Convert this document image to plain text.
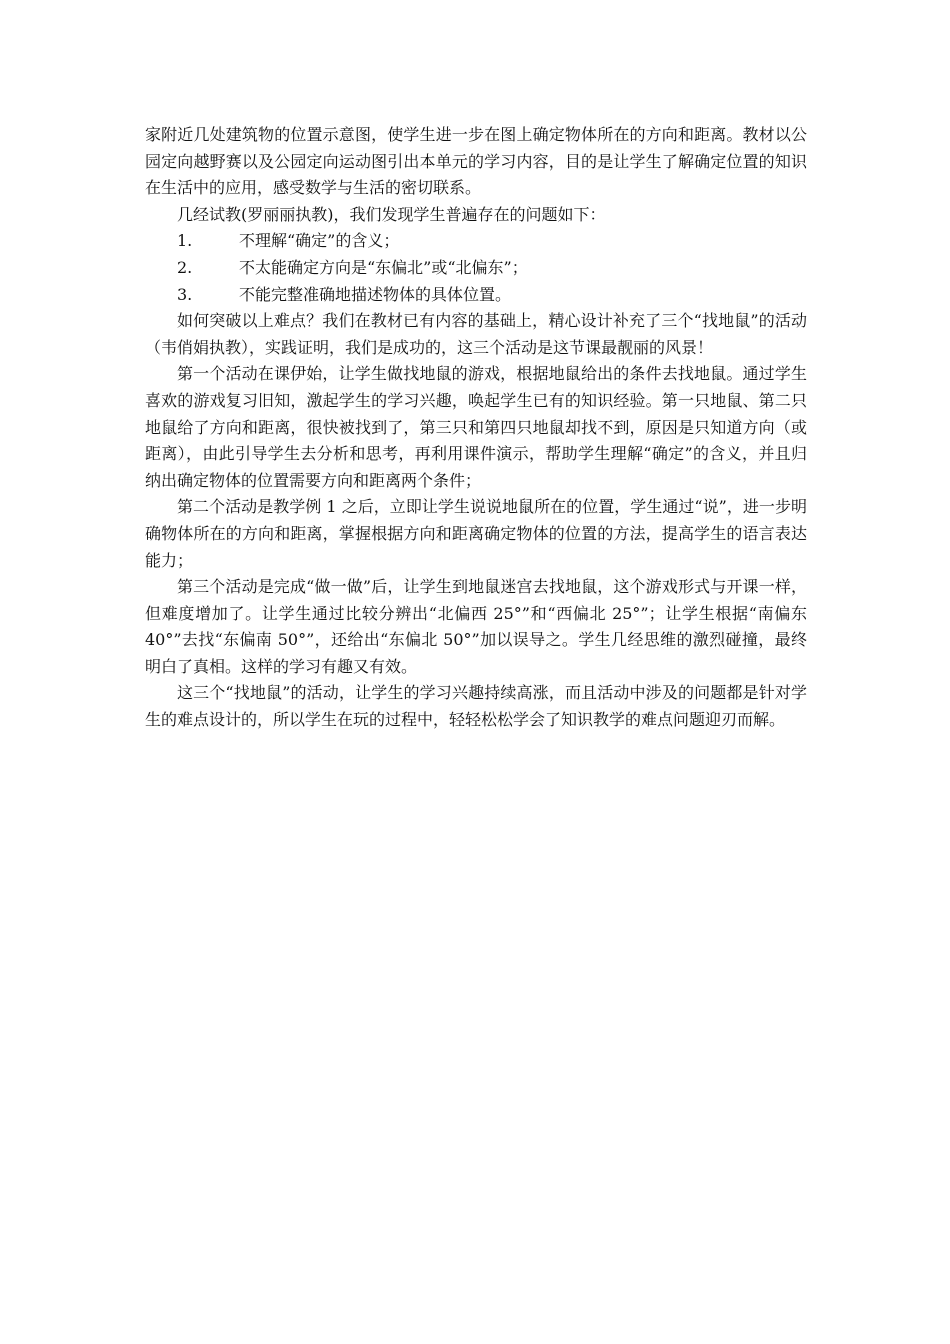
家附近几处建筑物的位置示意图，使学生进一步在图上确定物体所在的方向和距离。教材以公园定向越野赛以及公园定向运动图引出本单元的学习内容，目的是让学生了解确定位置的知识在生活中的应用，感受数学与生活的密切联系。

几经试教(罗丽丽执教)，我们发现学生普遍存在的问题如下：

1.	不理解“确定”的含义；
2.	不太能确定方向是“东偏北”或“北偏东”；
3.	不能完整准确地描述物体的具体位置。

如何突破以上难点？我们在教材已有内容的基础上，精心设计补充了三个“找地鼠”的活动（韦俏娟执教），实践证明，我们是成功的，这三个活动是这节课最靓丽的风景！

第一个活动在课伊始，让学生做找地鼠的游戏，根据地鼠给出的条件去找地鼠。通过学生喜欢的游戏复习旧知，激起学生的学习兴趣，唤起学生已有的知识经验。第一只地鼠、第二只地鼠给了方向和距离，很快被找到了，第三只和第四只地鼠却找不到，原因是只知道方向（或距离），由此引导学生去分析和思考，再利用课件演示，帮助学生理解“确定”的含义，并且归纳出确定物体的位置需要方向和距离两个条件；

第二个活动是教学例 1 之后，立即让学生说说地鼠所在的位置，学生通过“说”，进一步明确物体所在的方向和距离，掌握根据方向和距离确定物体的位置的方法，提高学生的语言表达能力；

第三个活动是完成“做一做”后，让学生到地鼠迷宫去找地鼠，这个游戏形式与开课一样，但难度增加了。让学生通过比较分辨出“北偏西 25°”和“西偏北 25°”；让学生根据“南偏东 40°”去找“东偏南 50°”，还给出“东偏北 50°”加以误导之。学生几经思维的激烈碰撞，最终明白了真相。这样的学习有趣又有效。

这三个“找地鼠”的活动，让学生的学习兴趣持续高涨，而且活动中涉及的问题都是针对学生的难点设计的，所以学生在玩的过程中，轻轻松松学会了知识教学的难点问题迎刃而解。
